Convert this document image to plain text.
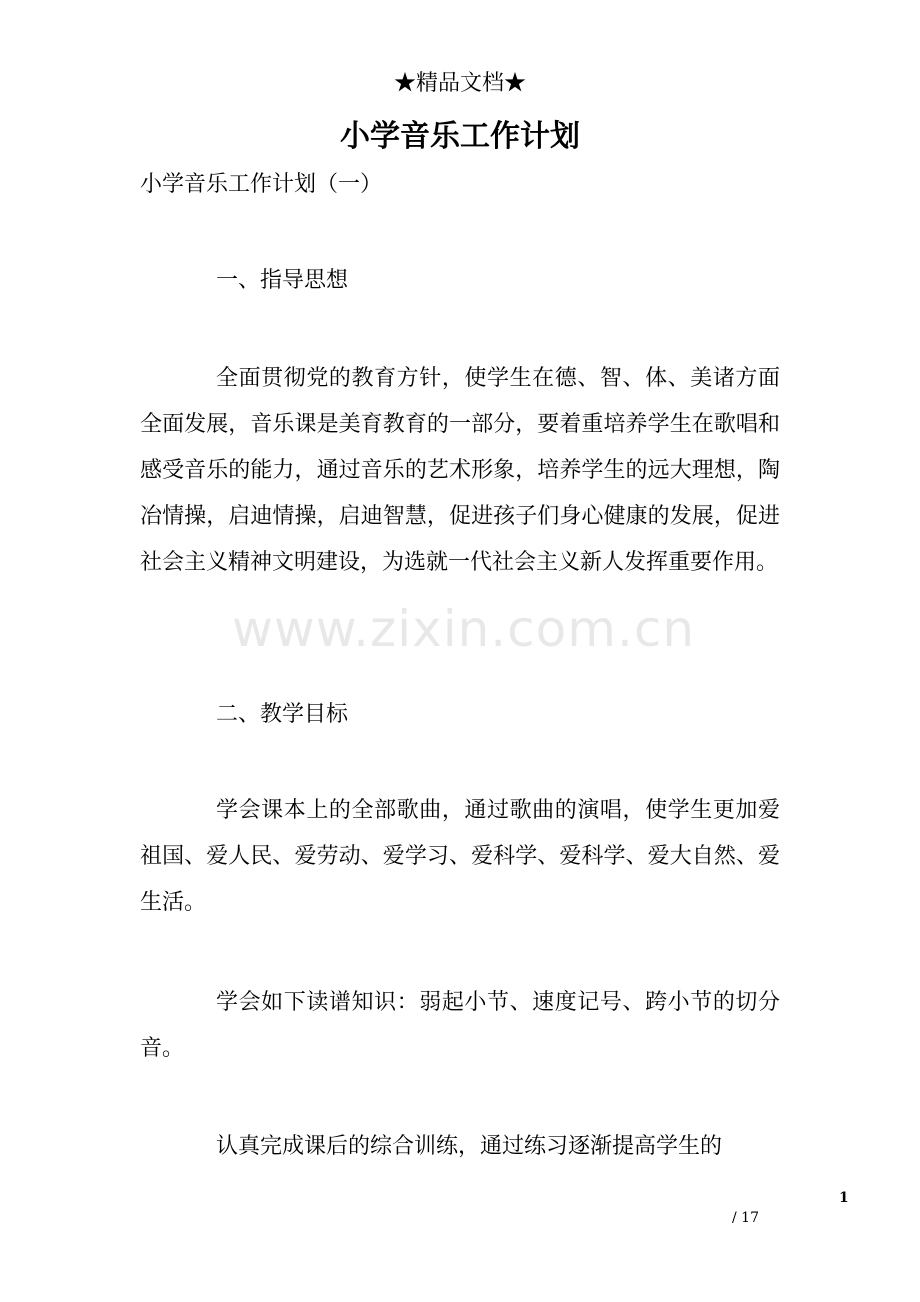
★精品文档★
小学音乐工作计划
小学音乐工作计划（一）
一、指导思想

全面贯彻党的教育方针，使学生在德、智、体、美诸方面全面发展，音乐课是美育教育的一部分，要着重培养学生在歌唱和感受音乐的能力，通过音乐的艺术形象，培养学生的远大理想，陶冶情操，启迪情操，启迪智慧，促进孩子们身心健康的发展，促进社会主义精神文明建设，为选就一代社会主义新人发挥重要作用。

二、教学目标

学会课本上的全部歌曲，通过歌曲的演唱，使学生更加爱祖国、爱人民、爱劳动、爱学习、爱科学、爱科学、爱大自然、爱生活。

学会如下读谱知识：弱起小节、速度记号、跨小节的切分音。

认真完成课后的综合训练，通过练习逐渐提高学生的

www.zixin.com.cn
1
/ 17
